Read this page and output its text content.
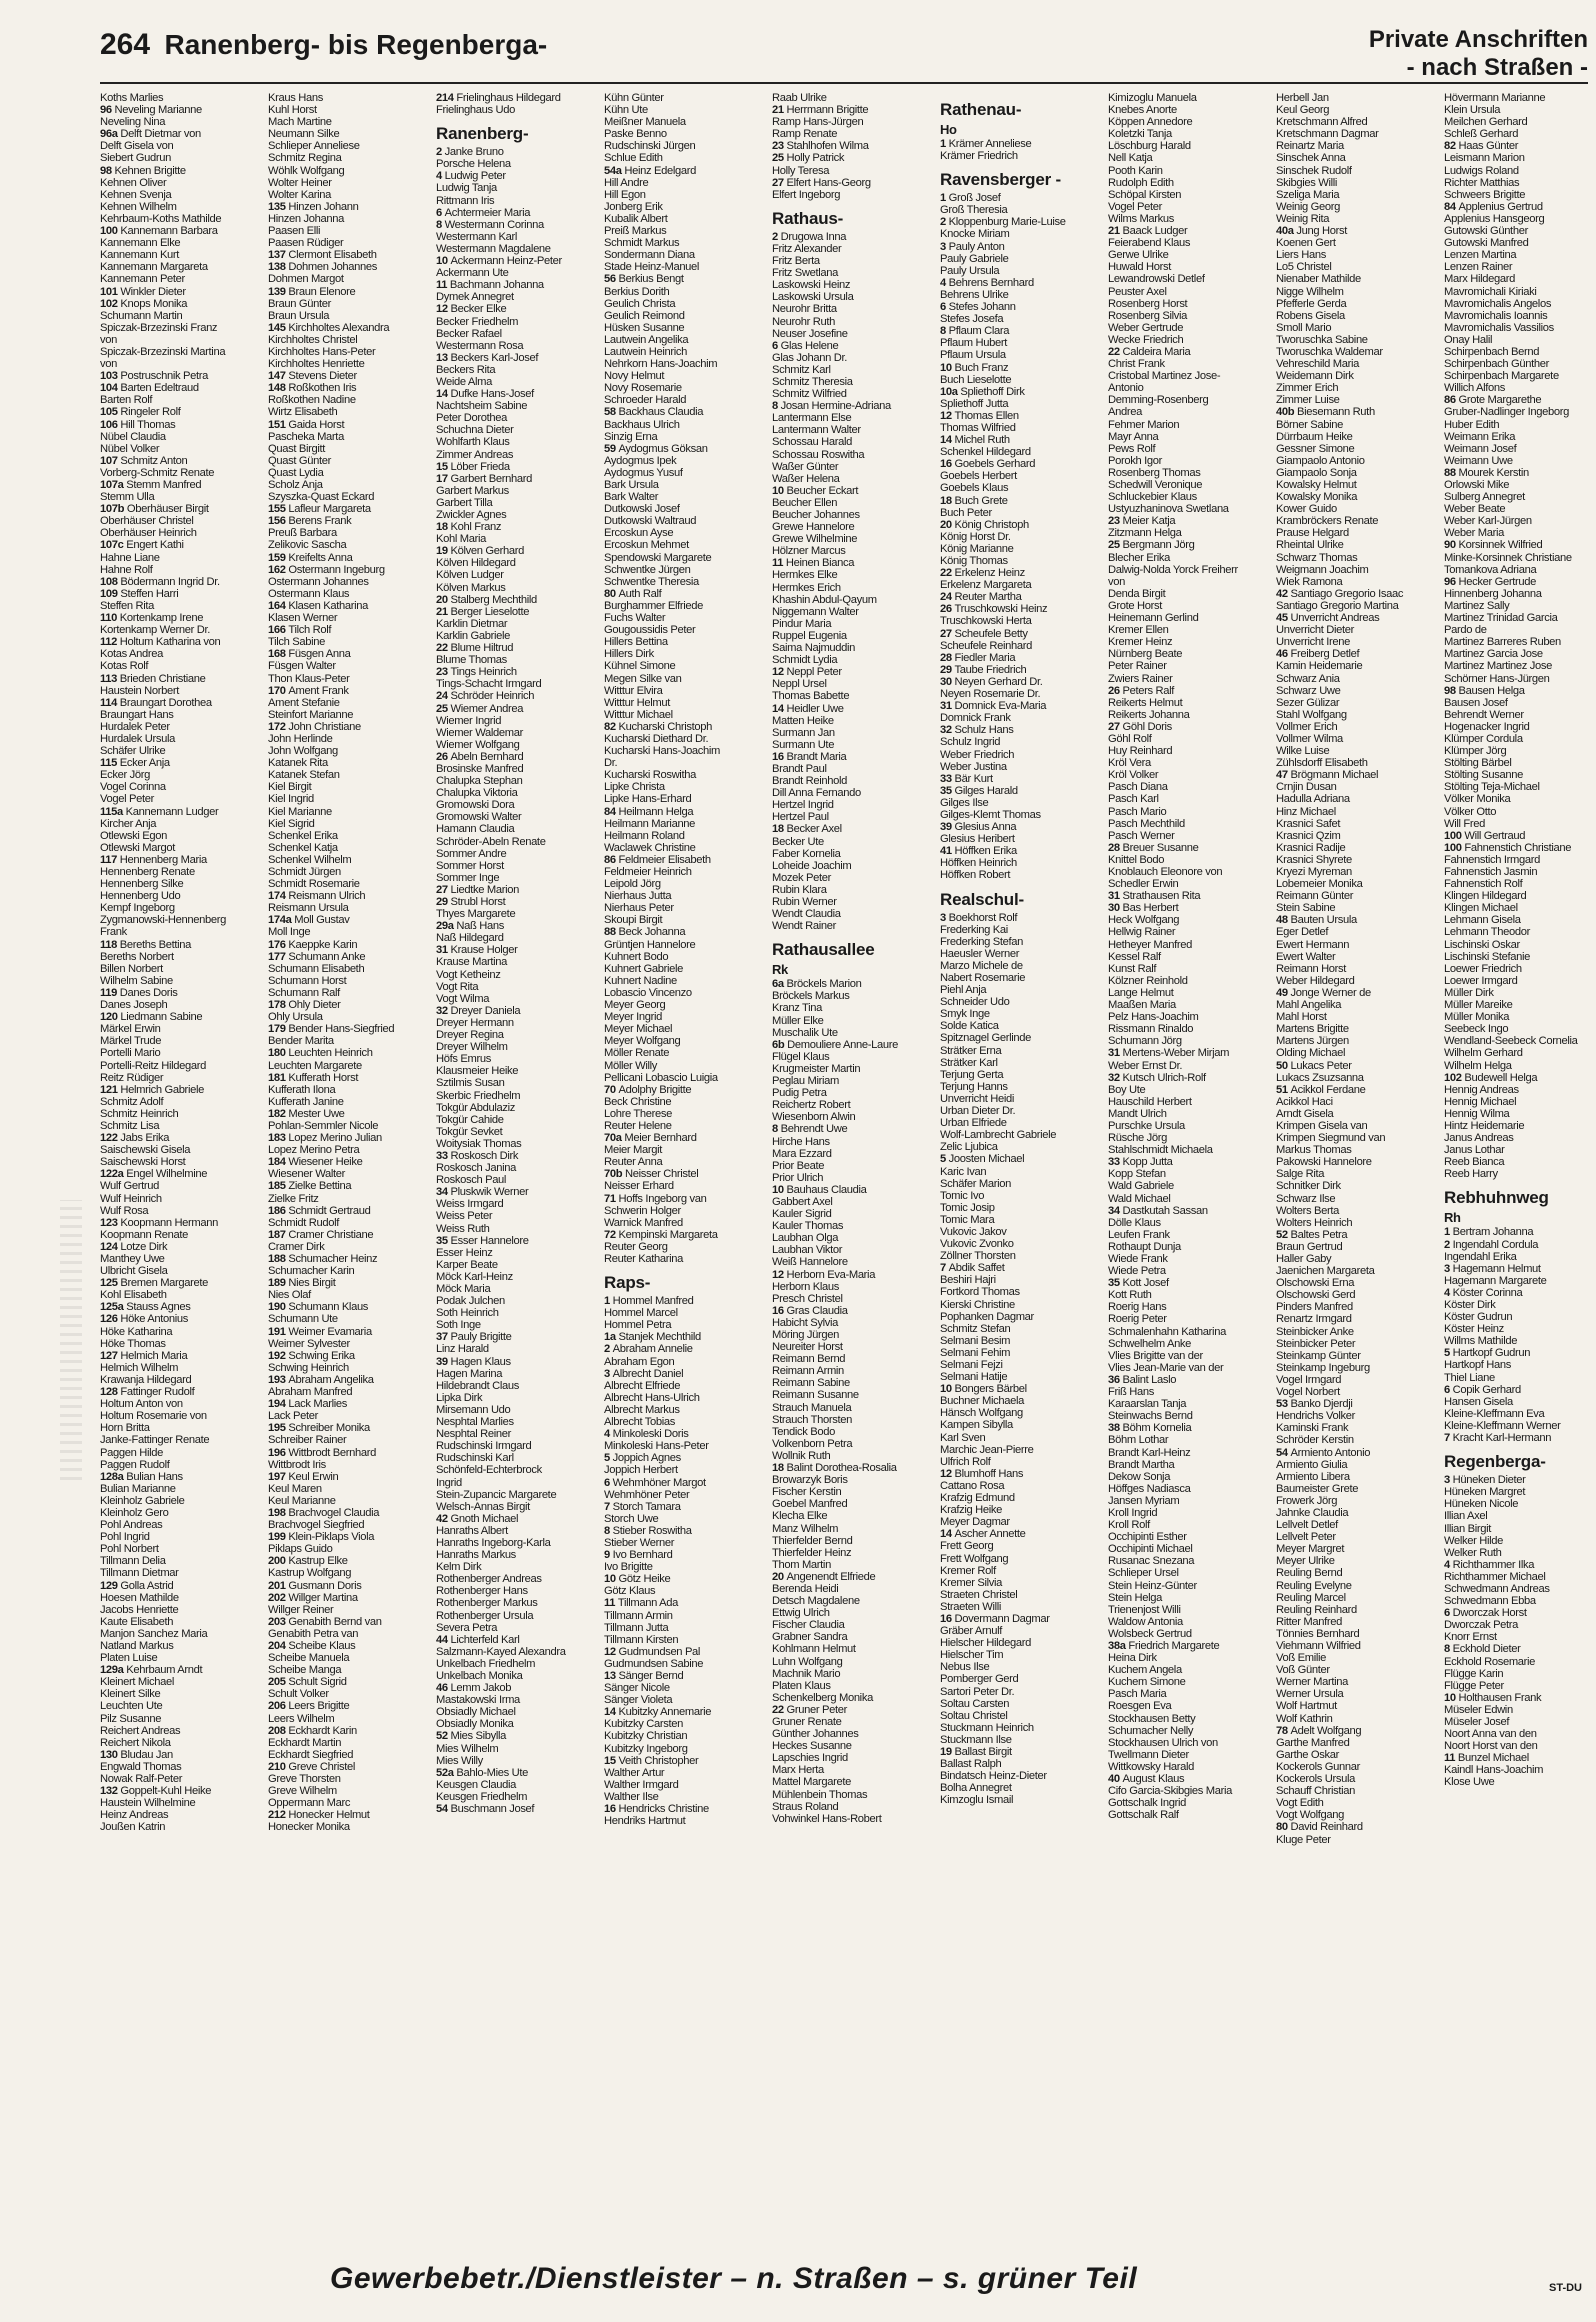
264 Ranenberg- bis Regenberga-	Private Anschriften
- nach Straßen -
Koths Marlies
96 Neveling Marianne
Neveling Nina
96a Delft Dietmar von
Delft Gisela von
Siebert Gudrun
98 Kehnen Brigitte
Kehnen Oliver
Kehnen Svenja
Kehnen Wilhelm
Kehrbaum-Koths Mathilde
100 Kannemann Barbara
Kannemann Elke
Kannemann Kurt
Kannemann Margareta
Kannemann Peter
101 Winkler Dieter
102 Knops Monika
Schumann Martin
Spiczak-Brzezinski Franz
von
Spiczak-Brzezinski Martina
von
103 Postruschnik Petra
104 Barten Edeltraud
Barten Rolf
105 Ringeler Rolf
106 Hill Thomas
Nübel Claudia
Nübel Volker
107 Schmitz Anton
Vorberg-Schmitz Renate
107a Stemm Manfred
Stemm Ulla
107b Oberhäuser Birgit
Oberhäuser Christel
Oberhäuser Heinrich
107c Engert Kathi
Hahne Liane
Hahne Rolf
108 Bödermann Ingrid Dr.
109 Steffen Harri
Steffen Rita
110 Kortenkamp Irene
Kortenkamp Werner Dr.
112 Holtum Katharina von
Kotas Andrea
Kotas Rolf
113 Brieden Christiane
Haustein Norbert
114 Braungart Dorothea
Braungart Hans
Hurdalek Peter
Hurdalek Ursula
Schäfer Ulrike
115 Ecker Anja
Ecker Jörg
Vogel Corinna
Vogel Peter
115a Kannemann Ludger
Kircher Anja
Otlewski Egon
Otlewski Margot
117 Hennenberg Maria
Hennenberg Renate
Hennenberg Silke
Hennenberg Udo
Kempf Ingeborg
Zygmanowski-Hennenberg
Frank
118 Bereths Bettina
Bereths Norbert
Billen Norbert
Wilhelm Sabine
119 Danes Doris
Danes Joseph
120 Liedmann Sabine
Märkel Erwin
Märkel Trude
Portelli Mario
Portelli-Reitz Hildegard
Reitz Rüdiger
121 Helmrich Gabriele
Schmitz Adolf
Schmitz Heinrich
Schmitz Lisa
122 Jabs Erika
Saischewski Gisela
Saischewski Horst
122a Engel Wilhelmine
Wulf Gertrud
Wulf Heinrich
Wulf Rosa
123 Koopmann Hermann
Koopmann Renate
124 Lotze Dirk
Manthey Uwe
Ulbricht Gisela
125 Bremen Margarete
Kohl Elisabeth
125a Stauss Agnes
126 Höke Antonius
Höke Katharina
Höke Thomas
127 Helmich Maria
Helmich Wilhelm
Krawanja Hildegard
128 Fattinger Rudolf
Holtum Anton von
Holtum Rosemarie von
Horn Britta
Janke-Fattinger Renate
Paggen Hilde
Paggen Rudolf
128a Bulian Hans
Bulian Marianne
Kleinholz Gabriele
Kleinholz Gero
Pohl Andreas
Pohl Ingrid
Pohl Norbert
Tillmann Delia
Tillmann Dietmar
129 Golla Astrid
Hoesen Mathilde
Jacobs Henriette
Kaute Elisabeth
Manjon Sanchez Maria
Natland Markus
Platen Luise
129a Kehrbaum Arndt
Kleinert Michael
Kleinert Silke
Leuchten Ute
Pilz Susanne
Reichert Andreas
Reichert Nikola
130 Bludau Jan
Engwald Thomas
Nowak Ralf-Peter
132 Goppelt-Kuhl Heike
Haustein Wilhelmine
Heinz Andreas
Joußen Katrin
Kraus Hans
Kuhl Horst
Mach Martine
Neumann Silke
Schlieper Anneliese
Schmitz Regina
Wöhlk Wolfgang
Wolter Heiner
Wolter Karina
135 Hinzen Johann
Hinzen Johanna
Paasen Elli
Paasen Rüdiger
137 Clermont Elisabeth
138 Dohmen Johannes
Dohmen Margot
139 Braun Elenore
Braun Günter
Braun Ursula
145 Kirchholtes Alexandra
Kirchholtes Christel
Kirchholtes Hans-Peter
Kirchholtes Henriette
147 Stevens Dieter
148 Roßkothen Iris
Roßkothen Nadine
Wirtz Elisabeth
151 Gaida Horst
Pascheka Marta
Quast Birgitt
Quast Günter
Quast Lydia
Scholz Anja
Szyszka-Quast Eckard
155 Lafleur Margareta
156 Berens Frank
Preuß Barbara
Zelikovic Sascha
159 Kreifelts Anna
162 Ostermann Ingeburg
Ostermann Johannes
Ostermann Klaus
164 Klasen Katharina
Klasen Werner
166 Tilch Rolf
Tilch Sabine
168 Füsgen Anna
Füsgen Walter
Thon Klaus-Peter
170 Ament Frank
Ament Stefanie
Steinfort Marianne
172 John Christiane
John Herlinde
John Wolfgang
Katanek Rita
Katanek Stefan
Kiel Birgit
Kiel Ingrid
Kiel Marianne
Kiel Sigrid
Schenkel Erika
Schenkel Katja
Schenkel Wilhelm
Schmidt Jürgen
Schmidt Rosemarie
174 Reismann Ulrich
Reismann Ursula
174a Moll Gustav
Moll Inge
176 Kaeppke Karin
177 Schumann Anke
Schumann Elisabeth
Schumann Horst
Schumann Ralf
178 Ohly Dieter
Ohly Ursula
179 Bender Hans-Siegfried
Bender Marita
180 Leuchten Heinrich
Leuchten Margarete
181 Kufferath Horst
Kufferath Ilona
Kufferath Janine
182 Mester Uwe
Pohlan-Semmler Nicole
183 Lopez Merino Julian
Lopez Merino Petra
184 Wiesener Heike
Wiesener Walter
185 Zielke Bettina
Zielke Fritz
186 Schmidt Gertraud
Schmidt Rudolf
187 Cramer Christiane
Cramer Dirk
188 Schumacher Heinz
Schumacher Karin
189 Nies Birgit
Nies Olaf
190 Schumann Klaus
Schumann Ute
191 Weimer Evamaria
Weimer Sylvester
192 Schwing Erika
Schwing Heinrich
193 Abraham Angelika
Abraham Manfred
194 Lack Marlies
Lack Peter
195 Schreiber Monika
Schreiber Rainer
196 Wittbrodt Bernhard
Wittbrodt Iris
197 Keul Erwin
Keul Maren
Keul Marianne
198 Brachvogel Claudia
Brachvogel Siegfried
199 Klein-Piklaps Viola
Piklaps Guido
200 Kastrup Elke
Kastrup Wolfgang
201 Gusmann Doris
202 Willger Martina
Willger Reiner
203 Genabith Bernd van
Genabith Petra van
204 Scheibe Klaus
Scheibe Manuela
Scheibe Manga
205 Schult Sigrid
Schult Volker
206 Leers Brigitte
Leers Wilhelm
208 Eckhardt Karin
Eckhardt Martin
Eckhardt Siegfried
210 Greve Christel
Greve Thorsten
Greve Wilhelm
Oppermann Marc
212 Honecker Helmut
Honecker Monika
214 Frielinghaus Hildegard
Frielinghaus Udo
Ranenberg-
2 Janke Bruno
Porsche Helena
4 Ludwig Peter
Ludwig Tanja
Rittmann Iris
6 Achtermeier Maria
8 Westermann Corinna
Westermann Karl
Westermann Magdalene
10 Ackermann Heinz-Peter
Ackermann Ute
11 Bachmann Johanna
Dymek Annegret
12 Becker Elke
Becker Friedhelm
Becker Rafael
Westermann Rosa
13 Beckers Karl-Josef
Beckers Rita
Weide Alma
14 Dufke Hans-Josef
Nachtsheim Sabine
Peter Dorothea
Schuchna Dieter
Wohlfarth Klaus
Zimmer Andreas
15 Löber Frieda
17 Garbert Bernhard
Garbert Markus
Garbert Tilla
Zwickler Agnes
18 Kohl Franz
Kohl Maria
19 Kölven Gerhard
Kölven Hildegard
Kölven Ludger
Kölven Markus
20 Stalberg Mechthild
21 Berger Lieselotte
Karklin Dietmar
Karklin Gabriele
22 Blume Hiltrud
Blume Thomas
23 Tings Heinrich
Tings-Schacht Irmgard
24 Schröder Heinrich
25 Wiemer Andrea
Wiemer Ingrid
Wiemer Waldemar
Wiemer Wolfgang
26 Abeln Bernhard
Brosinske Manfred
Chalupka Stephan
Chalupka Viktoria
Gromowski Dora
Gromowski Walter
Hamann Claudia
Schröder-Abeln Renate
Sommer Andre
Sommer Horst
Sommer Inge
27 Liedtke Marion
29 Strubl Horst
Thyes Margarete
29a Naß Hans
Naß Hildegard
31 Krause Holger
Krause Martina
Vogt Ketheinz
Vogt Rita
Vogt Wilma
32 Dreyer Daniela
Dreyer Hermann
Dreyer Regina
Dreyer Wilhelm
Höfs Emrus
Klausmeier Heike
Sztilmis Susan
Skerbic Friedhelm
Tokgür Abdulaziz
Tokgür Cahide
Tokgür Sevket
Woitysiak Thomas
33 Roskosch Dirk
Roskosch Janina
Roskosch Paul
34 Pluskwik Werner
Weiss Irmgard
Weiss Peter
Weiss Ruth
35 Esser Hannelore
Esser Heinz
Karper Beate
Möck Karl-Heinz
Möck Maria
Podak Julchen
Soth Heinrich
Soth Inge
37 Pauly Brigitte
Linz Harald
39 Hagen Klaus
Hagen Marina
Hildebrandt Claus
Lipka Dirk
Mirsemann Udo
Nesphtal Marlies
Nesphtal Reiner
Rudschinski Irmgard
Rudschinski Karl
Schönfeld-Echterbrock
Ingrid
Stein-Zupancic Margarete
Welsch-Annas Birgit
42 Gnoth Michael
Hanraths Albert
Hanraths Ingeborg-Karla
Hanraths Markus
Kelm Dirk
Rothenberger Andreas
Rothenberger Hans
Rothenberger Markus
Rothenberger Ursula
Severa Petra
44 Lichterfeld Karl
Salzmann-Kayed Alexandra
Unkelbach Friedhelm
Unkelbach Monika
46 Lemm Jakob
Mastakowski Irma
Obsiadly Michael
Obsiadly Monika
52 Mies Sibylla
Mies Wilhelm
Mies Willy
52a Bahlo-Mies Ute
Keusgen Claudia
Keusgen Friedhelm
54 Buschmann Josef
Kühn Günter
Kühn Ute
Meißner Manuela
Paske Benno
Rudschinski Jürgen
Schlue Edith
54a Heinz Edelgard
Hill Andre
Hill Egon
Jonberg Erik
Kubalik Albert
Preiß Markus
Schmidt Markus
Sondermann Diana
Stade Heinz-Manuel
56 Berkius Bengt
Berkius Dorith
Geulich Christa
Geulich Reimond
Hüsken Susanne
Lautwein Angelika
Lautwein Heinrich
Nehrkorn Hans-Joachim
Novy Helmut
Novy Rosemarie
Schroeder Harald
58 Backhaus Claudia
Backhaus Ulrich
Sinzig Erna
59 Aydogmus Göksan
Aydogmus Ipek
Aydogmus Yusuf
Bark Ursula
Bark Walter
Dutkowski Josef
Dutkowski Waltraud
Ercoskun Ayse
Ercoskun Mehmet
Spendowski Margarete
Schwentke Jürgen
Schwentke Theresia
80 Auth Ralf
Burghammer Elfriede
Fuchs Walter
Gougoussidis Peter
Hillers Bettina
Hillers Dirk
Kühnel Simone
Megen Silke van
Witttur Elvira
Witttur Helmut
Witttur Michael
82 Kucharski Christoph
Kucharski Diethard Dr.
Kucharski Hans-Joachim
Dr.
Kucharski Roswitha
Lipke Christa
Lipke Hans-Erhard
84 Heilmann Helga
Heilmann Marianne
Heilmann Roland
Waclawek Christine
86 Feldmeier Elisabeth
Feldmeier Heinrich
Leipold Jörg
Nierhaus Jutta
Nierhaus Peter
Skoupi Birgit
88 Beck Johanna
Grüntjen Hannelore
Kuhnert Bodo
Kuhnert Gabriele
Kuhnert Nadine
Lobascio Vincenzo
Meyer Georg
Meyer Ingrid
Meyer Michael
Meyer Wolfgang
Möller Renate
Möller Willy
Pellicani Lobascio Luigia
70 Adolphy Brigitte
Beck Christine
Lohre Therese
Reuter Helene
70a Meier Bernhard
Meier Margit
Reuter Anna
70b Neisser Christel
Neisser Erhard
71 Hoffs Ingeborg van
Schwerin Holger
Warnick Manfred
72 Kempinski Margareta
Reuter Georg
Reuter Katharina
Raps-
1 Hommel Manfred
Hommel Marcel
Hommel Petra
1a Stanjek Mechthild
2 Abraham Annelie
Abraham Egon
3 Albrecht Daniel
Albrecht Elfriede
Albrecht Hans-Ulrich
Albrecht Markus
Albrecht Tobias
4 Minkoleski Doris
Minkoleski Hans-Peter
5 Joppich Agnes
Joppich Herbert
6 Wehmhöner Margot
Wehmhöner Peter
7 Storch Tamara
Storch Uwe
8 Stieber Roswitha
Stieber Werner
9 Ivo Bernhard
Ivo Brigitte
10 Götz Heike
Götz Klaus
11 Tillmann Ada
Tillmann Armin
Tillmann Jutta
Tillmann Kirsten
12 Gudmundsen Pal
Gudmundsen Sabine
13 Sänger Bernd
Sänger Nicole
Sänger Violeta
14 Kubitzky Annemarie
Kubitzky Carsten
Kubitzky Christian
Kubitzky Ingeborg
15 Veith Christopher
Walther Artur
Walther Irmgard
Walther Ilse
16 Hendricks Christine
Hendriks Hartmut
Raab Ulrike
21 Herrmann Brigitte
Ramp Hans-Jürgen
Ramp Renate
23 Stahlhofen Wilma
25 Holly Patrick
Holly Teresa
27 Elfert Hans-Georg
Elfert Ingeborg
Rathaus-
2 Drugowa Inna
Fritz Alexander
Fritz Berta
Fritz Swetlana
Laskowski Heinz
Laskowski Ursula
Neurohr Britta
Neurohr Ruth
Neuser Josefine
6 Glas Helene
Glas Johann Dr.
Schmitz Karl
Schmitz Theresia
Schmitz Wilfried
8 Josan Hermine-Adriana
Lantermann Else
Lantermann Walter
Schossau Harald
Schossau Roswitha
Waßer Günter
Waßer Helena
10 Beucher Eckart
Beucher Ellen
Beucher Johannes
Grewe Hannelore
Grewe Wilhelmine
Hölzner Marcus
11 Heinen Bianca
Hermkes Elke
Hermkes Erich
Khashin Abdul-Qayum
Niggemann Walter
Pindur Maria
Ruppel Eugenia
Saima Najmuddin
Schmidt Lydia
12 Neppl Peter
Neppl Ursel
Thomas Babette
14 Heidler Uwe
Matten Heike
Surmann Jan
Surmann Ute
16 Brandt Maria
Brandt Paul
Brandt Reinhold
Dill Anna Fernando
Hertzel Ingrid
Hertzel Paul
18 Becker Axel
Becker Ute
Faber Kornelia
Loheide Joachim
Mozek Peter
Rubin Klara
Rubin Werner
Wendt Claudia
Wendt Rainer
Rathausallee
Rk
6a Bröckels Marion
Bröckels Markus
Kranz Tina
Müller Elke
Muschalik Ute
6b Demouliere Anne-Laure
Flügel Klaus
Krugmeister Martin
Peglau Miriam
Pudig Petra
Reichertz Robert
Wiesenborn Alwin
8 Behrendt Uwe
Hirche Hans
Mara Ezzard
Prior Beate
Prior Ulrich
10 Bauhaus Claudia
Gabbert Axel
Kauler Sigrid
Kauler Thomas
Laubhan Olga
Laubhan Viktor
Weiß Hannelore
12 Herborn Eva-Maria
Herborn Klaus
Presch Christel
16 Gras Claudia
Habicht Sylvia
Möring Jürgen
Neureiter Horst
Reimann Bernd
Reimann Armin
Reimann Sabine
Reimann Susanne
Strauch Manuela
Strauch Thorsten
Tendick Bodo
Volkenborn Petra
Wollnik Ruth
18 Balint Dorothea-Rosalia
Browarzyk Boris
Fischer Kerstin
Goebel Manfred
Klecha Elke
Manz Wilhelm
Thierfelder Bernd
Thierfelder Heinz
Thom Martin
20 Angenendt Elfriede
Berenda Heidi
Detsch Magdalene
Ettwig Ulrich
Fischer Claudia
Grabner Sandra
Kohlmann Helmut
Luhn Wolfgang
Machnik Mario
Platen Klaus
Schenkelberg Monika
22 Gruner Peter
Gruner Renate
Günther Johannes
Heckes Susanne
Lapschies Ingrid
Marx Herta
Mattel Margarete
Mühlenbein Thomas
Straus Roland
Vohwinkel Hans-Robert
Rathenau-
Ho
1 Krämer Anneliese
Krämer Friedrich
Ravensberger -
1 Groß Josef
Groß Theresia
2 Kloppenburg Marie-Luise
Knocke Miriam
3 Pauly Anton
Pauly Gabriele
Pauly Ursula
4 Behrens Bernhard
Behrens Ulrike
6 Stefes Johann
Stefes Josefa
8 Pflaum Clara
Pflaum Hubert
Pflaum Ursula
10 Buch Franz
Buch Lieselotte
10a Spliethoff Dirk
Spliethoff Jutta
12 Thomas Ellen
Thomas Wilfried
14 Michel Ruth
Schenkel Hildegard
16 Goebels Gerhard
Goebels Herbert
Goebels Klaus
18 Buch Grete
Buch Peter
20 König Christoph
König Horst Dr.
König Marianne
König Thomas
22 Erkelenz Heinz
Erkelenz Margareta
24 Reuter Martha
26 Truschkowski Heinz
Truschkowski Herta
27 Scheufele Betty
Scheufele Reinhard
28 Fiedler Maria
29 Taube Friedrich
30 Neyen Gerhard Dr.
Neyen Rosemarie Dr.
31 Domnick Eva-Maria
Domnick Frank
32 Schulz Hans
Schulz Ingrid
Weber Friedrich
Weber Justina
33 Bär Kurt
35 Gilges Harald
Gilges Ilse
Gilges-Klemt Thomas
39 Glesius Anna
Glesius Heribert
41 Höffken Erika
Höffken Heinrich
Höffken Robert
Realschul-
3 Boekhorst Rolf
Frederking Kai
Frederking Stefan
Haeusler Werner
Marzo Michele de
Nabert Rosemarie
Piehl Anja
Schneider Udo
Smyk Inge
Solde Katica
Spitznagel Gerlinde
Strätker Erna
Strätker Karl
Terjung Gerta
Terjung Hanns
Unverricht Heidi
Urban Dieter Dr.
Urban Elfriede
Wolf-Lambrecht Gabriele
Zelic Ljubica
5 Joosten Michael
Karic Ivan
Schäfer Marion
Tomic Ivo
Tomic Josip
Tomic Mara
Vukovic Jakov
Vukovic Zvonko
Zöllner Thorsten
7 Abdik Saffet
Beshiri Hajri
Fortkord Thomas
Kierski Christine
Pophanken Dagmar
Schmitz Stefan
Selmani Besim
Selmani Fehim
Selmani Fejzi
Selmani Hatije
10 Bongers Bärbel
Buchner Michaela
Hänsch Wolfgang
Kampen Sibylla
Karl Sven
Marchic Jean-Pierre
Ulfrich Rolf
12 Blumhoff Hans
Cattano Rosa
Krafzig Edmund
Krafzig Heike
Meyer Dagmar
14 Ascher Annette
Frett Georg
Frett Wolfgang
Kremer Rolf
Kremer Silvia
Straeten Christel
Straeten Willi
16 Dovermann Dagmar
Gräber Arnulf
Hielscher Hildegard
Hielscher Tim
Nebus Ilse
Pomberger Gerd
Sartori Peter Dr.
Soltau Carsten
Soltau Christel
Stuckmann Heinrich
Stuckmann Ilse
19 Ballast Birgit
Ballast Ralph
Bindatsch Heinz-Dieter
Bolha Annegret
Kimzoglu Ismail
Kimizoglu Manuela
Knebes Anorte
Köppen Annedore
Koletzki Tanja
Löschburg Harald
Nell Katja
Pooth Karin
Rudolph Edith
Schöpal Kirsten
Vogel Peter
Wilms Markus
21 Baack Ludger
Feierabend Klaus
Gerwe Ulrike
Huwald Horst
Lewandrowski Detlef
Peuster Axel
Rosenberg Horst
Rosenberg Silvia
Weber Gertrude
Wecke Friedrich
22 Caldeira Maria
Christ Frank
Cristobal Martinez Jose-
Antonio
Demming-Rosenberg
Andrea
Fehmer Marion
Mayr Anna
Pews Rolf
Porokh Igor
Rosenberg Thomas
Schedwill Veronique
Schluckebier Klaus
Ustyuzhaninova Swetlana
23 Meier Katja
Zitzmann Helga
25 Bergmann Jörg
Blecher Erika
Dalwig-Nolda Yorck Freiherr
von
Denda Birgit
Grote Horst
Heinemann Gerlind
Kremer Ellen
Kremer Heinz
Nürnberg Beate
Peter Rainer
Zwiers Rainer
26 Peters Ralf
Reikerts Helmut
Reikerts Johanna
27 Göhl Doris
Göhl Rolf
Huy Reinhard
Kröl Vera
Kröl Volker
Pasch Diana
Pasch Karl
Pasch Mario
Pasch Mechthild
Pasch Werner
28 Breuer Susanne
Knittel Bodo
Knoblauch Eleonore von
Schedler Erwin
31 Strathausen Rita
30 Bas Herbert
Heck Wolfgang
Hellwig Rainer
Hetheyer Manfred
Kessel Ralf
Kunst Ralf
Kölzner Reinhold
Lange Helmut
Maaßen Maria
Pelz Hans-Joachim
Rissmann Rinaldo
Schumann Jörg
31 Mertens-Weber Mirjam
Weber Ernst Dr.
32 Kutsch Ulrich-Rolf
Boy Ute
Hauschild Herbert
Mandt Ulrich
Purschke Ursula
Rüsche Jörg
Stahlschmidt Michaela
33 Kopp Jutta
Kopp Stefan
Wald Gabriele
Wald Michael
34 Dastkutah Sassan
Dölle Klaus
Leufen Frank
Rothaupt Dunja
Wiede Frank
Wiede Petra
35 Kott Josef
Kott Ruth
Roerig Hans
Roerig Peter
Schmalenhahn Katharina
Schwelhelm Anke
Vlies Brigitte van der
Vlies Jean-Marie van der
36 Balint Laslo
Friß Hans
Karaarslan Tanja
Steinwachs Bernd
38 Böhm Kornelia
Böhm Lothar
Brandt Karl-Heinz
Brandt Martha
Dekow Sonja
Höffges Nadiasca
Jansen Myriam
Kroll Ingrid
Kroll Rolf
Occhipinti Esther
Occhipinti Michael
Rusanac Snezana
Schlieper Ursel
Stein Heinz-Günter
Stein Helga
Trienenjost Willi
Waldow Antonia
Wolsbeck Gertrud
38a Friedrich Margarete
Heina Dirk
Kuchem Angela
Kuchem Simone
Pasch Maria
Roesgen Eva
Stockhausen Betty
Schumacher Nelly
Stockhausen Ulrich von
Twellmann Dieter
Wittkowsky Harald
40 August Klaus
Cifo Garcia-Skibgies Maria
Gottschalk Ingrid
Gottschalk Ralf
Herbell Jan
Keul Georg
Kretschmann Alfred
Kretschmann Dagmar
Reinartz Maria
Sinschek Anna
Sinschek Rudolf
Skibgies Willi
Szeliga Maria
Weinig Georg
Weinig Rita
40a Jung Horst
Koenen Gert
Liers Hans
Lo5 Christel
Nienaber Mathilde
Nigge Wilhelm
Pfefferle Gerda
Robens Gisela
Smoll Mario
Tworuschka Sabine
Tworuschka Waldemar
Vehreschild Maria
Weidemann Dirk
Zimmer Erich
Zimmer Luise
40b Biesemann Ruth
Börner Sabine
Dürrbaum Heike
Gessner Simone
Giampaolo Antonio
Giampaolo Sonja
Kowalsky Helmut
Kowalsky Monika
Kower Guido
Krambröckers Renate
Prause Helgard
Rheintal Ulrike
Schwarz Thomas
Weigmann Joachim
Wiek Ramona
42 Santiago Gregorio Isaac
Santiago Gregorio Martina
45 Unverricht Andreas
Unverricht Dieter
Unverricht Irene
46 Freiberg Detlef
Kamin Heidemarie
Schwarz Ania
Schwarz Uwe
Sezer Gülizar
Stahl Wolfgang
Vollmer Erich
Vollmer Wilma
Wilke Luise
Zühlsdorff Elisabeth
47 Brögmann Michael
Crnjin Dusan
Hadulla Adriana
Hinz Michael
Krasnici Safet
Krasnici Qzim
Krasnici Radije
Krasnici Shyrete
Kryezi Myreman
Lobemeier Monika
Reimann Günter
Stein Sabine
48 Bauten Ursula
Eger Detlef
Ewert Hermann
Ewert Walter
Reimann Horst
Weber Hildegard
49 Jonge Werner de
Mahl Angelika
Mahl Horst
Martens Brigitte
Martens Jürgen
Olding Michael
50 Lukacs Peter
Lukacs Zsuzsanna
51 Acikkol Ferdane
Acikkol Haci
Arndt Gisela
Krimpen Gisela van
Krimpen Siegmund van
Markus Thomas
Pakowski Hannelore
Salge Rita
Schnitker Dirk
Schwarz Ilse
Wolters Berta
Wolters Heinrich
52 Baltes Petra
Braun Gertrud
Haller Gaby
Jaenichen Margareta
Olschowski Erna
Olschowski Gerd
Pinders Manfred
Renartz Irmgard
Steinbicker Anke
Steinbicker Peter
Steinkamp Günter
Steinkamp Ingeburg
Vogel Irmgard
Vogel Norbert
53 Banko Djerdji
Hendrichs Volker
Kaminski Frank
Schröder Kerstin
54 Armiento Antonio
Armiento Giulia
Armiento Libera
Baumeister Grete
Frowerk Jörg
Jahnke Claudia
Lellvelt Detlef
Lellvelt Peter
Meyer Margret
Meyer Ulrike
Reuling Bernd
Reuling Evelyne
Reuling Marcel
Reuling Reinhard
Ritter Manfred
Tönnies Bernhard
Viehmann Wilfried
Voß Emilie
Voß Günter
Werner Martina
Werner Ursula
Wolf Hartmut
Wolf Kathrin
78 Adelt Wolfgang
Garthe Manfred
Garthe Oskar
Kockerols Gunnar
Kockerols Ursula
Schauff Christian
Vogt Edith
Vogt Wolfgang
80 David Reinhard
Kluge Peter
Hövermann Marianne
Klein Ursula
Meilchen Gerhard
Schleß Gerhard
82 Haas Günter
Leismann Marion
Ludwigs Roland
Richter Matthias
Schweers Brigitte
84 Applenius Gertrud
Applenius Hansgeorg
Gutowski Günther
Gutowski Manfred
Lenzen Martina
Lenzen Rainer
Marx Hildegard
Mavromichali Kiriaki
Mavromichalis Angelos
Mavromichalis Ioannis
Mavromichalis Vassilios
Onay Halil
Schirpenbach Bernd
Schirpenbach Günther
Schirpenbach Margarete
Willich Alfons
86 Grote Margarethe
Gruber-Nadlinger Ingeborg
Huber Edith
Weimann Erika
Weimann Josef
Weimann Uwe
88 Mourek Kerstin
Orlowski Mike
Sulberg Annegret
Weber Beate
Weber Karl-Jürgen
Weber Maria
90 Korsinnek Wilfried
Minke-Korsinnek Christiane
Tomankova Adriana
96 Hecker Gertrude
Hinnenberg Johanna
Martinez Sally
Martinez Trinidad Garcia
Pardo de
Martinez Barreres Ruben
Martinez Garcia Jose
Martinez Martinez Jose
Schörner Hans-Jürgen
98 Bausen Helga
Bausen Josef
Behrendt Werner
Hogenacker Ingrid
Klümper Cordula
Klümper Jörg
Stölting Bärbel
Stölting Susanne
Stölting Teja-Michael
Völker Monika
Völker Otto
Will Fred
100 Will Gertraud
100 Fahnenstich Christiane
Fahnenstich Irmgard
Fahnenstich Jasmin
Fahnenstich Rolf
Klingen Hildegard
Klingen Michael
Lehmann Gisela
Lehmann Theodor
Lischinski Oskar
Lischinski Stefanie
Loewer Friedrich
Loewer Irmgard
Müller Dirk
Müller Mareike
Müller Monika
Seebeck Ingo
Wendland-Seebeck Cornelia
Wilhelm Gerhard
Wilhelm Helga
102 Budewell Helga
Hennig Andreas
Hennig Michael
Hennig Wilma
Hintz Heidemarie
Janus Andreas
Janus Lothar
Reeb Bianca
Reeb Harry
Rebhuhnweg
Rh
1 Bertram Johanna
2 Ingendahl Cordula
Ingendahl Erika
3 Hagemann Helmut
Hagemann Margarete
4 Köster Corinna
Köster Dirk
Köster Gudrun
Köster Heinz
Willms Mathilde
5 Hartkopf Gudrun
Hartkopf Hans
Thiel Liane
6 Copik Gerhard
Hansen Gisela
Kleine-Kleffmann Eva
Kleine-Kleffmann Werner
7 Kracht Karl-Hermann
Regenberga-
3 Hüneken Dieter
Hüneken Margret
Hüneken Nicole
Illian Axel
Illian Birgit
Welker Hilde
Welker Ruth
4 Richthammer Ilka
Richthammer Michael
Schwedmann Andreas
Schwedmann Ebba
6 Dworczak Horst
Dworczak Petra
Knorr Ernst
8 Eckhold Dieter
Eckhold Rosemarie
Flügge Karin
Flügge Peter
10 Holthausen Frank
Müseler Edwin
Müseler Josef
Noort Anna van den
Noort Horst van den
11 Bunzel Michael
Kaindl Hans-Joachim
Klose Uwe
Gewerbebetr./Dienstleister – n. Straßen – s. grüner Teil	ST-DU
